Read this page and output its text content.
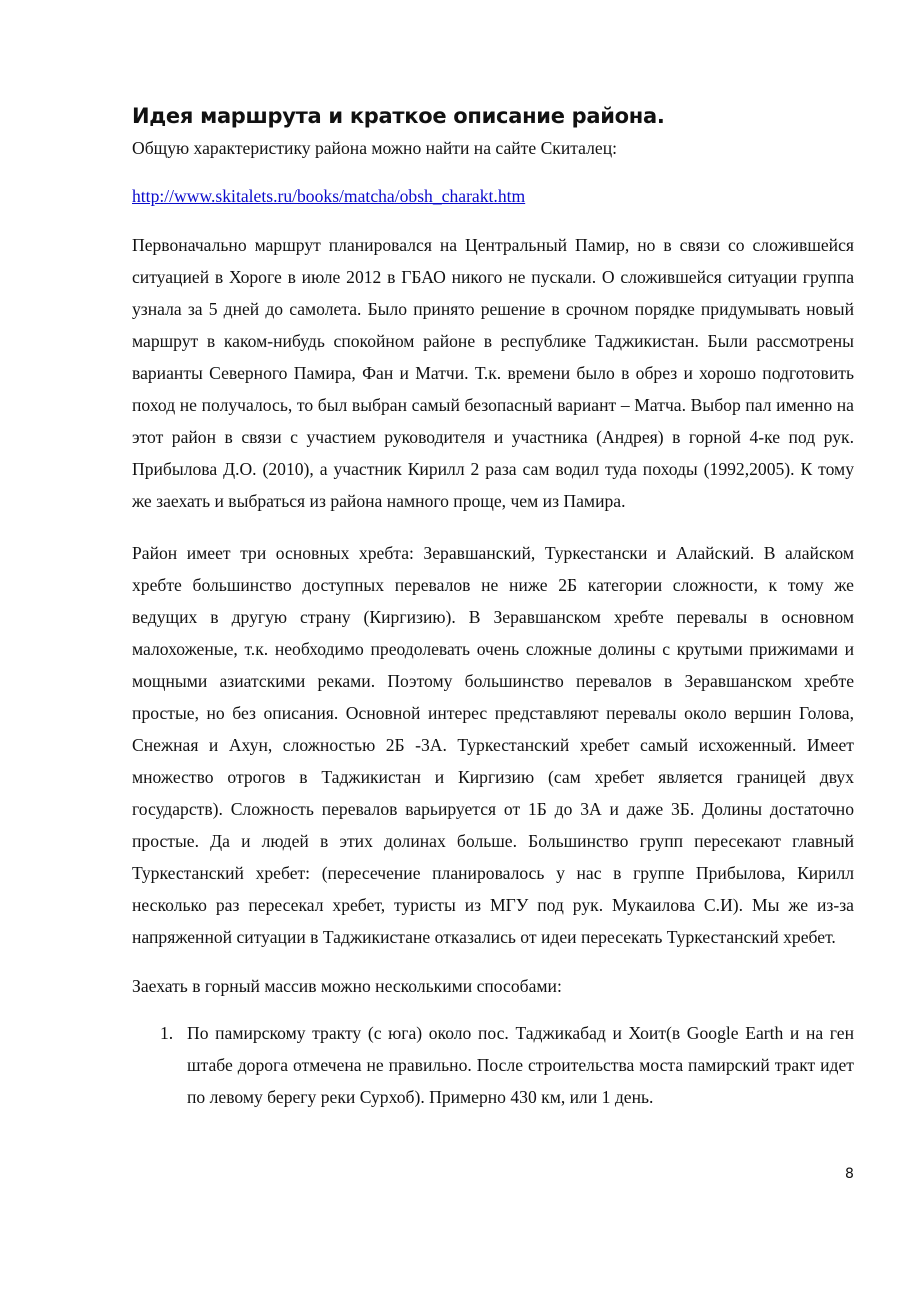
Идея маршрута и краткое описание района.

Общую характеристику района можно найти на сайте Скиталец:

http://www.skitalets.ru/books/matcha/obsh_charakt.htm

Первоначально маршрут планировался на Центральный Памир, но в связи со сложившейся ситуацией в Хороге в июле 2012 в ГБАО никого не пускали. О сложившейся ситуации группа узнала за 5 дней до самолета. Было принято решение в срочном порядке придумывать новый маршрут в каком-нибудь спокойном районе в республике Таджикистан. Были рассмотрены варианты Северного Памира, Фан и Матчи. Т.к. времени было в обрез и хорошо подготовить поход не получалось, то был выбран самый безопасный вариант – Матча. Выбор пал именно на этот район в связи с участием руководителя и участника (Андрея) в горной 4-ке под рук. Прибылова Д.О. (2010), а участник Кирилл 2 раза сам водил туда походы (1992,2005). К тому же заехать и выбраться из района намного проще, чем из Памира.

Район имеет три основных хребта: Зеравшанский, Туркестански и Алайский. В алайском хребте большинство доступных перевалов не ниже 2Б категории сложности, к тому же ведущих в другую страну (Киргизию). В Зеравшанском хребте перевалы в основном малохоженые, т.к. необходимо преодолевать очень сложные долины с крутыми прижимами и мощными азиатскими реками. Поэтому большинство перевалов в Зеравшанском хребте простые, но без описания. Основной интерес представляют перевалы около вершин Голова, Снежная и Ахун, сложностью 2Б -3А. Туркестанский хребет самый исхоженный. Имеет множество отрогов в Таджикистан и Киргизию (сам хребет является границей двух государств). Сложность перевалов варьируется от 1Б до 3А и даже 3Б. Долины достаточно простые. Да и людей в этих долинах больше. Большинство групп пересекают главный Туркестанский хребет: (пересечение планировалось у нас в группе Прибылова, Кирилл несколько раз пересекал хребет, туристы из МГУ под рук. Мукаилова С.И). Мы же из-за напряженной ситуации в Таджикистане отказались от идеи пересекать Туркестанский хребет.

Заехать в горный массив можно несколькими способами:

1. По памирскому тракту (с юга) около пос. Таджикабад и Хоит(в Google Earth и на ген штабе дорога отмечена не правильно. После строительства моста памирский тракт идет по левому берегу реки Сурхоб). Примерно 430 км, или 1 день.
8
